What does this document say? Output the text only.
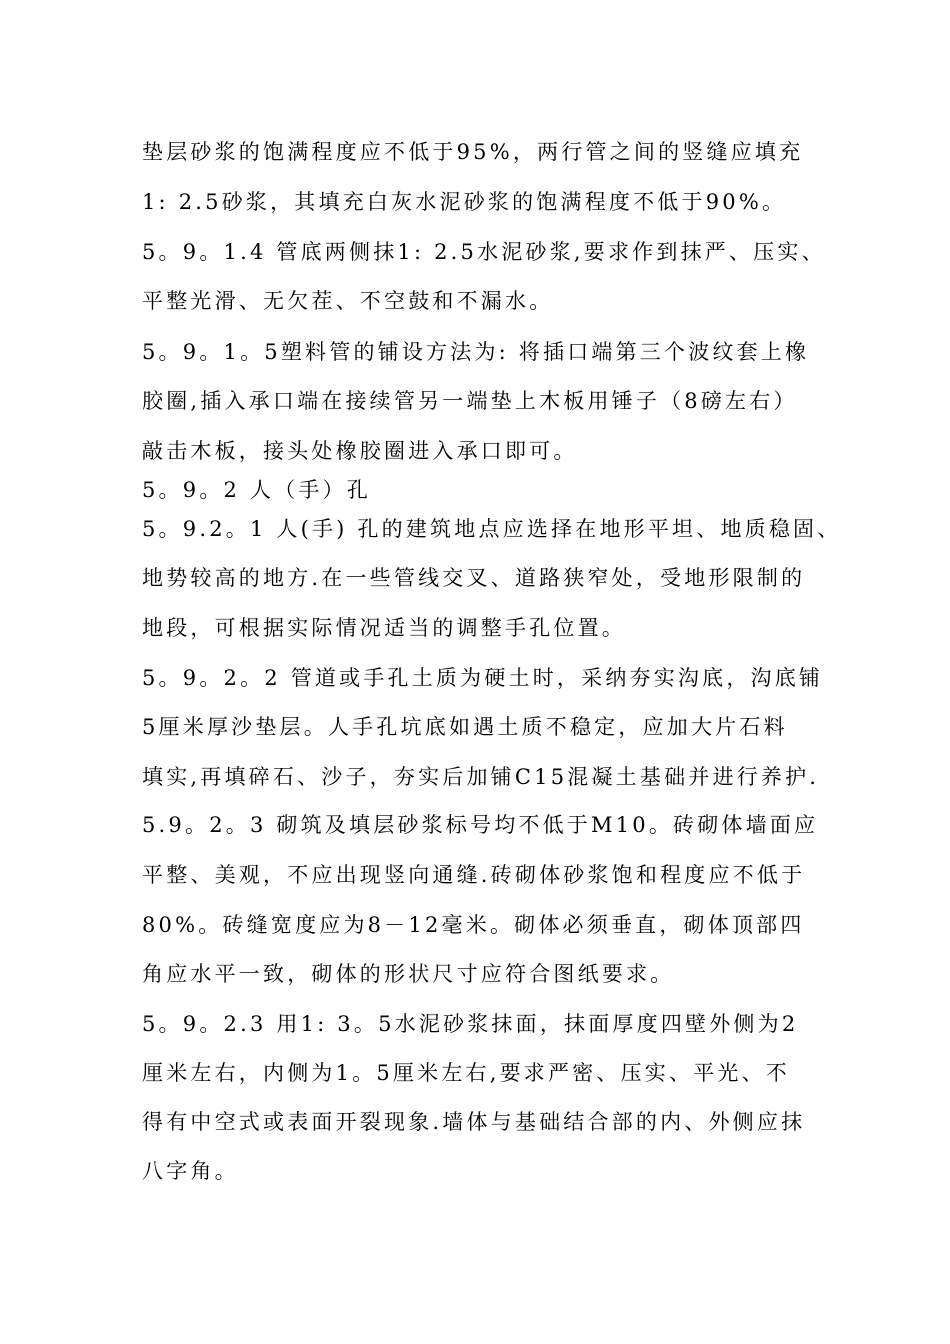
垫层砂浆的饱满程度应不低于95%，两行管之间的竖缝应填充
1: 2.5砂浆，其填充白灰水泥砂浆的饱满程度不低于90%。
5。9。1.4 管底两侧抹1: 2.5水泥砂浆,要求作到抹严、压实、
平整光滑、无欠茬、不空鼓和不漏水。
5。9。1。5塑料管的铺设方法为: 将插口端第三个波纹套上橡
胶圈,插入承口端在接续管另一端垫上木板用锤子（8磅左右）
敲击木板，接头处橡胶圈进入承口即可。
5。9。2 人（手）孔
5。9.2。1 人(手) 孔的建筑地点应选择在地形平坦、地质稳固、
地势较高的地方.在一些管线交叉、道路狭窄处，受地形限制的
地段，可根据实际情况适当的调整手孔位置。
5。9。2。2 管道或手孔土质为硬土时，采纳夯实沟底，沟底铺
5厘米厚沙垫层。人手孔坑底如遇土质不稳定，应加大片石料
填实,再填碎石、沙子，夯实后加铺C15混凝土基础并进行养护.
5.9。2。3 砌筑及填层砂浆标号均不低于M10。砖砌体墙面应
平整、美观，不应出现竖向通缝.砖砌体砂浆饱和程度应不低于
80%。砖缝宽度应为8－12毫米。砌体必须垂直，砌体顶部四
角应水平一致，砌体的形状尺寸应符合图纸要求。
5。9。2.3 用1: 3。5水泥砂浆抹面，抹面厚度四壁外侧为2
厘米左右，内侧为1。5厘米左右,要求严密、压实、平光、不
得有中空式或表面开裂现象.墙体与基础结合部的内、外侧应抹
八字角。
